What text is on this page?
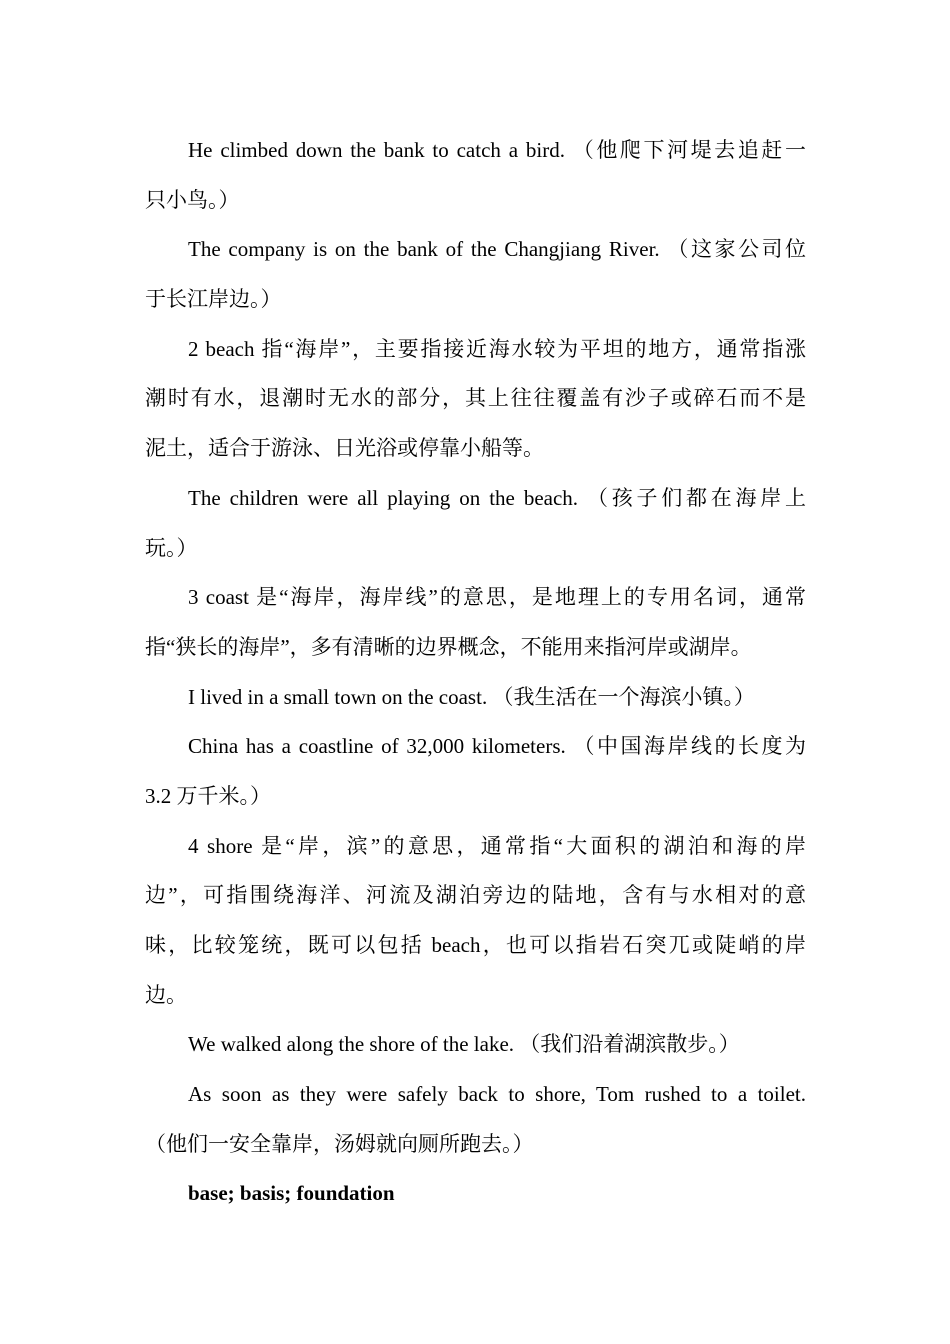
He climbed down the bank to catch a bird. （他爬下河堤去追赶一
只小鸟。）
The company is on the bank of the Changjiang River. （这家公司位
于长江岸边。）
2 beach 指“海岸”，主要指接近海水较为平坦的地方，通常指涨
潮时有水，退潮时无水的部分，其上往往覆盖有沙子或碎石而不是
泥土，适合于游泳、日光浴或停靠小船等。
The children were all playing on the beach. （孩子们都在海岸上
玩。）
3 coast 是“海岸，海岸线”的意思，是地理上的专用名词，通常
指“狭长的海岸”，多有清晰的边界概念，不能用来指河岸或湖岸。
I lived in a small town on the coast. （我生活在一个海滨小镇。）
China has a coastline of 32,000 kilometers. （中国海岸线的长度为
3.2 万千米。）
4 shore 是“岸，滨”的意思，通常指“大面积的湖泊和海的岸
边”，可指围绕海洋、河流及湖泊旁边的陆地，含有与水相对的意
味，比较笼统，既可以包括 beach，也可以指岩石突兀或陡峭的岸
边。
We walked along the shore of the lake. （我们沿着湖滨散步。）
As soon as they were safely back to shore, Tom rushed to a toilet.
（他们一安全靠岸，汤姆就向厕所跑去。）
base; basis; foundation
